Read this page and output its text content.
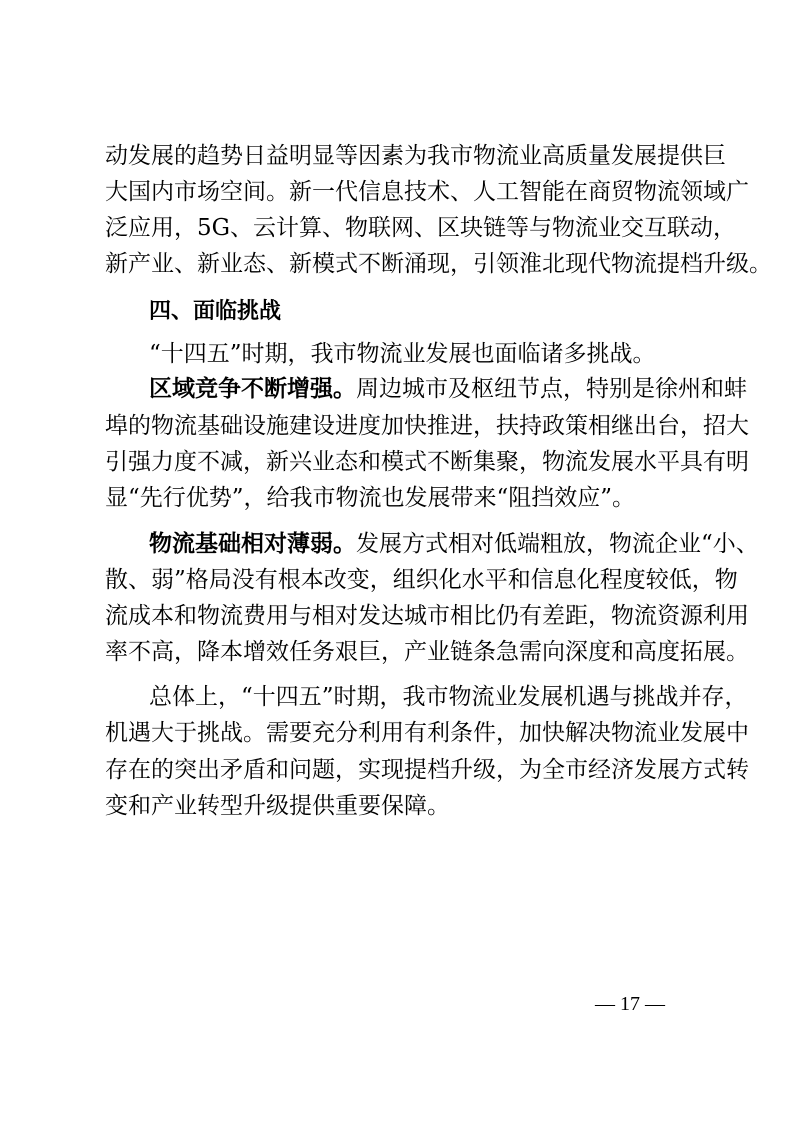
动发展的趋势日益明显等因素为我市物流业高质量发展提供巨
大国内市场空间。新一代信息技术、人工智能在商贸物流领域广
泛应用，5G、云计算、物联网、区块链等与物流业交互联动，
新产业、新业态、新模式不断涌现，引领淮北现代物流提档升级。
四、面临挑战
“十四五”时期，我市物流业发展也面临诸多挑战。
区域竞争不断增强。周边城市及枢纽节点，特别是徐州和蚌
埠的物流基础设施建设进度加快推进，扶持政策相继出台，招大
引强力度不减，新兴业态和模式不断集聚，物流发展水平具有明
显“先行优势”，给我市物流也发展带来“阻挡效应”。
物流基础相对薄弱。发展方式相对低端粗放，物流企业“小、
散、弱”格局没有根本改变，组织化水平和信息化程度较低，物
流成本和物流费用与相对发达城市相比仍有差距，物流资源利用
率不高，降本增效任务艰巨，产业链条急需向深度和高度拓展。
总体上，“十四五”时期，我市物流业发展机遇与挑战并存，
机遇大于挑战。需要充分利用有利条件，加快解决物流业发展中
存在的突出矛盾和问题，实现提档升级，为全市经济发展方式转
变和产业转型升级提供重要保障。
— 17 —
